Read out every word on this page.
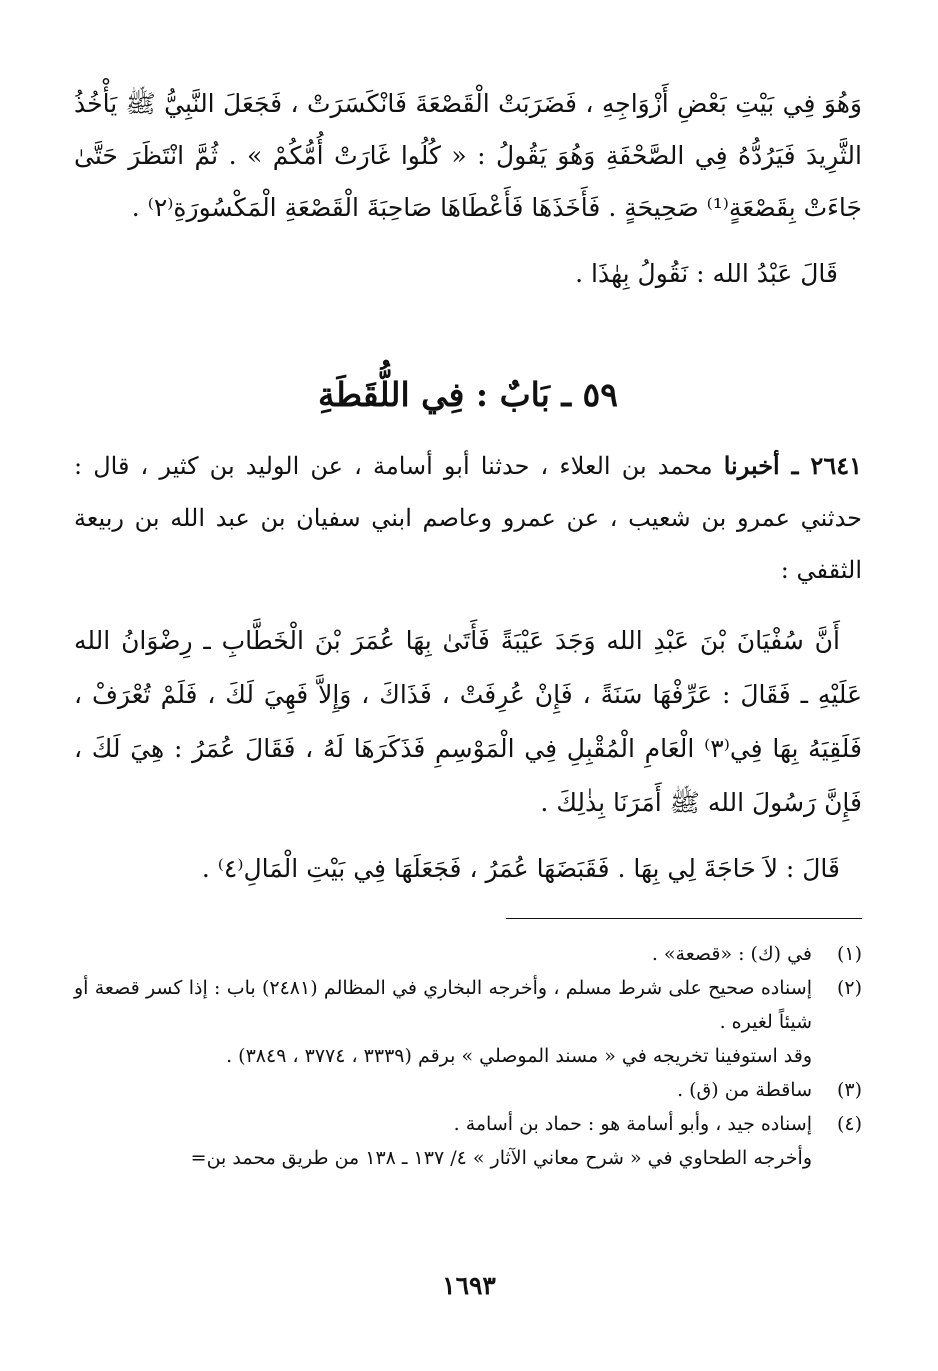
وَهُوَ فِي بَيْتِ بَعْضِ أَزْوَاجِهِ ، فَضَرَبَتْ الْقَصْعَةَ فَانْكَسَرَتْ ، فَجَعَلَ النَّبِيُّ ﷺ يَأْخُذُ الثَّرِيدَ فَيَرُدُّهُ فِي الصَّحْفَةِ وَهُوَ يَقُولُ : « كُلُوا غَارَتْ أُمُّكُمْ » . ثُمَّ انْتَظَرَ حَتَّىٰ جَاءَتْ بِقَصْعَةٍ⁽¹⁾ صَحِيحَةٍ . فَأَخَذَهَا فَأَعْطَاهَا صَاحِبَةَ الْقَصْعَةِ الْمَكْسُورَةِ⁽٢⁾ .

قَالَ عَبْدُ الله : نَقُولُ بِهٰذَا .

٥٩ ـ بَابٌ : فِي اللُّقَطَةِ

٢٦٤١ ـ أخبرنا محمد بن العلاء ، حدثنا أبو أسامة ، عن الوليد بن كثير ، قال : حدثني عمرو بن شعيب ، عن عمرو وعاصم ابني سفيان بن عبد الله بن ربيعة الثقفي :

أَنَّ سُفْيَانَ بْنَ عَبْدِ الله وَجَدَ عَيْبَةً فَأَتَىٰ بِهَا عُمَرَ بْنَ الْخَطَّابِ ـ رِضْوَانُ الله عَلَيْهِ ـ فَقَالَ : عَرِّفْهَا سَنَةً ، فَإِنْ عُرِفَتْ ، فَذَاكَ ، وَإِلاَّ فَهِيَ لَكَ ، فَلَمْ تُعْرَفْ ، فَلَقِيَهُ بِهَا فِي⁽٣⁾ الْعَامِ الْمُقْبِلِ فِي الْمَوْسِمِ فَذَكَرَهَا لَهُ ، فَقَالَ عُمَرُ : هِيَ لَكَ ، فَإِنَّ رَسُولَ الله ﷺ أَمَرَنَا بِذٰلِكَ .

قَالَ : لاَ حَاجَةَ لِي بِهَا . فَقَبَضَهَا عُمَرُ ، فَجَعَلَهَا فِي بَيْتِ الْمَالِ⁽٤⁾ .

(١)
في (ك) : «قصعة» .
(٢)
إسناده صحيح على شرط مسلم ، وأخرجه البخاري في المظالم (٢٤٨١) باب : إذا كسر قصعة أو شيئاً لغيره .
وقد استوفينا تخريجه في « مسند الموصلي » برقم (٣٣٣٩ ، ٣٧٧٤ ، ٣٨٤٩) .
(٣)
ساقطة من (ق) .
(٤)
إسناده جيد ، وأبو أسامة هو : حماد بن أسامة .
وأخرجه الطحاوي في « شرح معاني الآثار » ٤/ ١٣٧ ـ ١٣٨ من طريق محمد بن=
١٦٩٣
